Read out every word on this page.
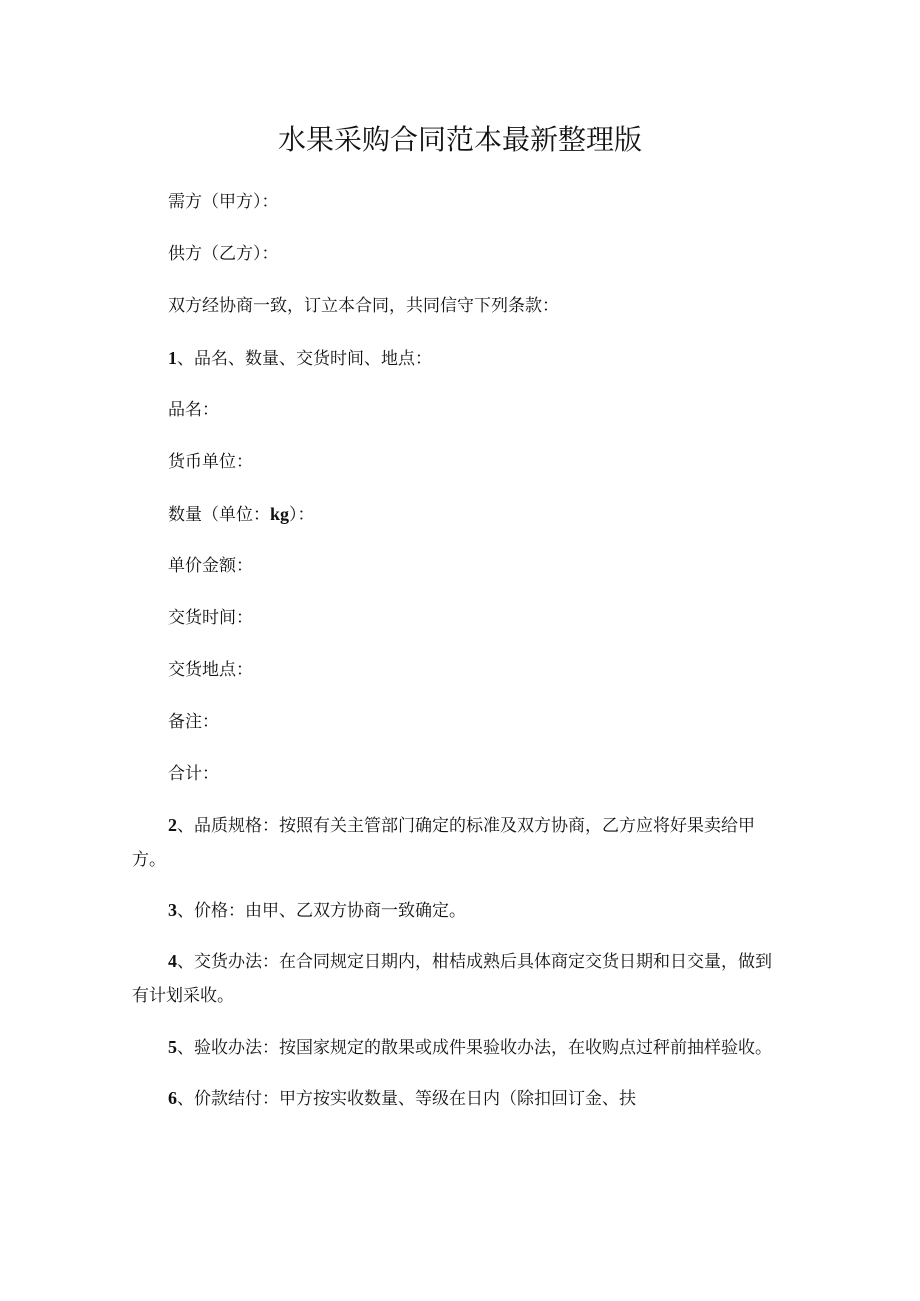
水果采购合同范本最新整理版
需方（甲方）：
供方（乙方）：
双方经协商一致，订立本合同，共同信守下列条款：
1、品名、数量、交货时间、地点：
品名：
货币单位：
数量（单位：kg）：
单价金额：
交货时间：
交货地点：
备注：
合计：

2、品质规格：按照有关主管部门确定的标准及双方协商，乙方应将好果卖给甲方。

3、价格：由甲、乙双方协商一致确定。

4、交货办法：在合同规定日期内，柑桔成熟后具体商定交货日期和日交量，做到有计划采收。

5、验收办法：按国家规定的散果或成件果验收办法，在收购点过秤前抽样验收。

6、价款结付：甲方按实收数量、等级在日内（除扣回订金、扶
